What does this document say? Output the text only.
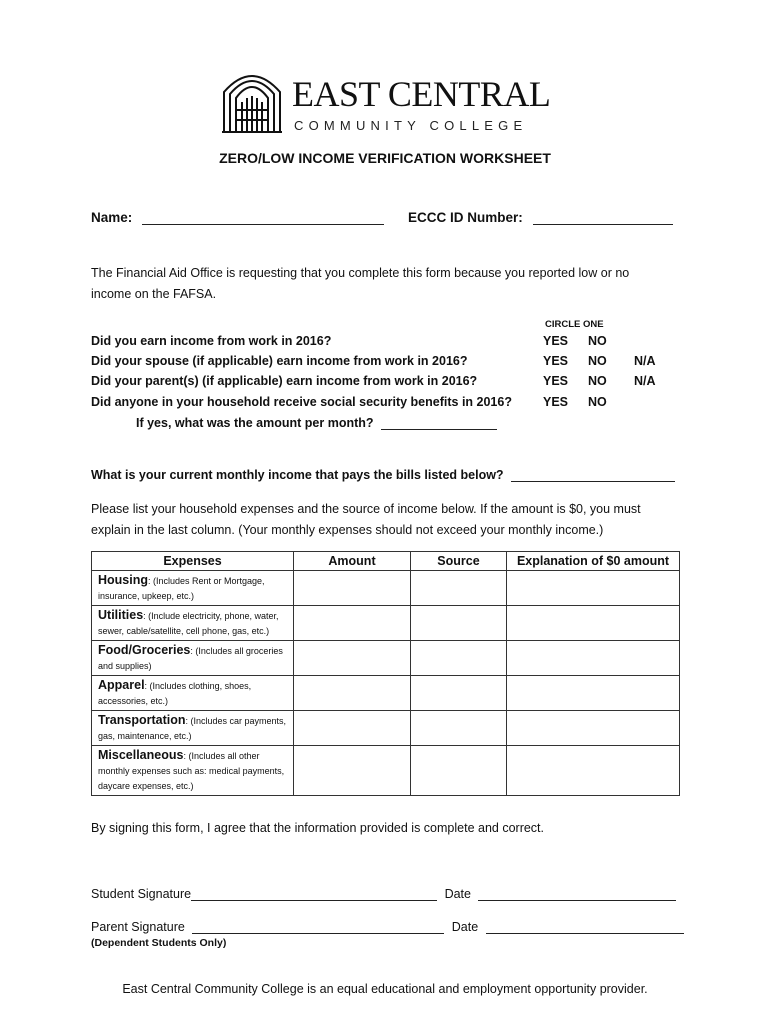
EAST CENTRAL
COMMUNITY COLLEGE
ZERO/LOW INCOME VERIFICATION WORKSHEET
Name:	ECCC ID Number:
The Financial Aid Office is requesting that you complete this form because you reported low or no income on the FAFSA.
CIRCLE ONE
Did you earn income from work in 2016?	YES NO
Did your spouse (if applicable) earn income from work in 2016?	YES NO N/A
Did your parent(s) (if applicable) earn income from work in 2016?	YES NO N/A
Did anyone in your household receive social security benefits in 2016? YES NO
If yes, what was the amount per month?
What is your current monthly income that pays the bills listed below?
Please list your household expenses and the source of income below. If the amount is $0, you must explain in the last column. (Your monthly expenses should not exceed your monthly income.)
Expenses	Amount	Source	Explanation of $0 amount
Housing: (Includes Rent or Mortgage, insurance, upkeep, etc.)			
Utilities: (Include electricity, phone, water, sewer, cable/satellite, cell phone, gas, etc.)			
Food/Groceries: (Includes all groceries and supplies)			
Apparel: (Includes clothing, shoes, accessories, etc.)			
Transportation: (Includes car payments, gas, maintenance, etc.)			
Miscellaneous: (Includes all other monthly expenses such as: medical payments, daycare expenses, etc.)			
By signing this form, I agree that the information provided is complete and correct.
Student Signature	Date
Parent Signature	Date
(Dependent Students Only)
East Central Community College is an equal educational and employment opportunity provider.
